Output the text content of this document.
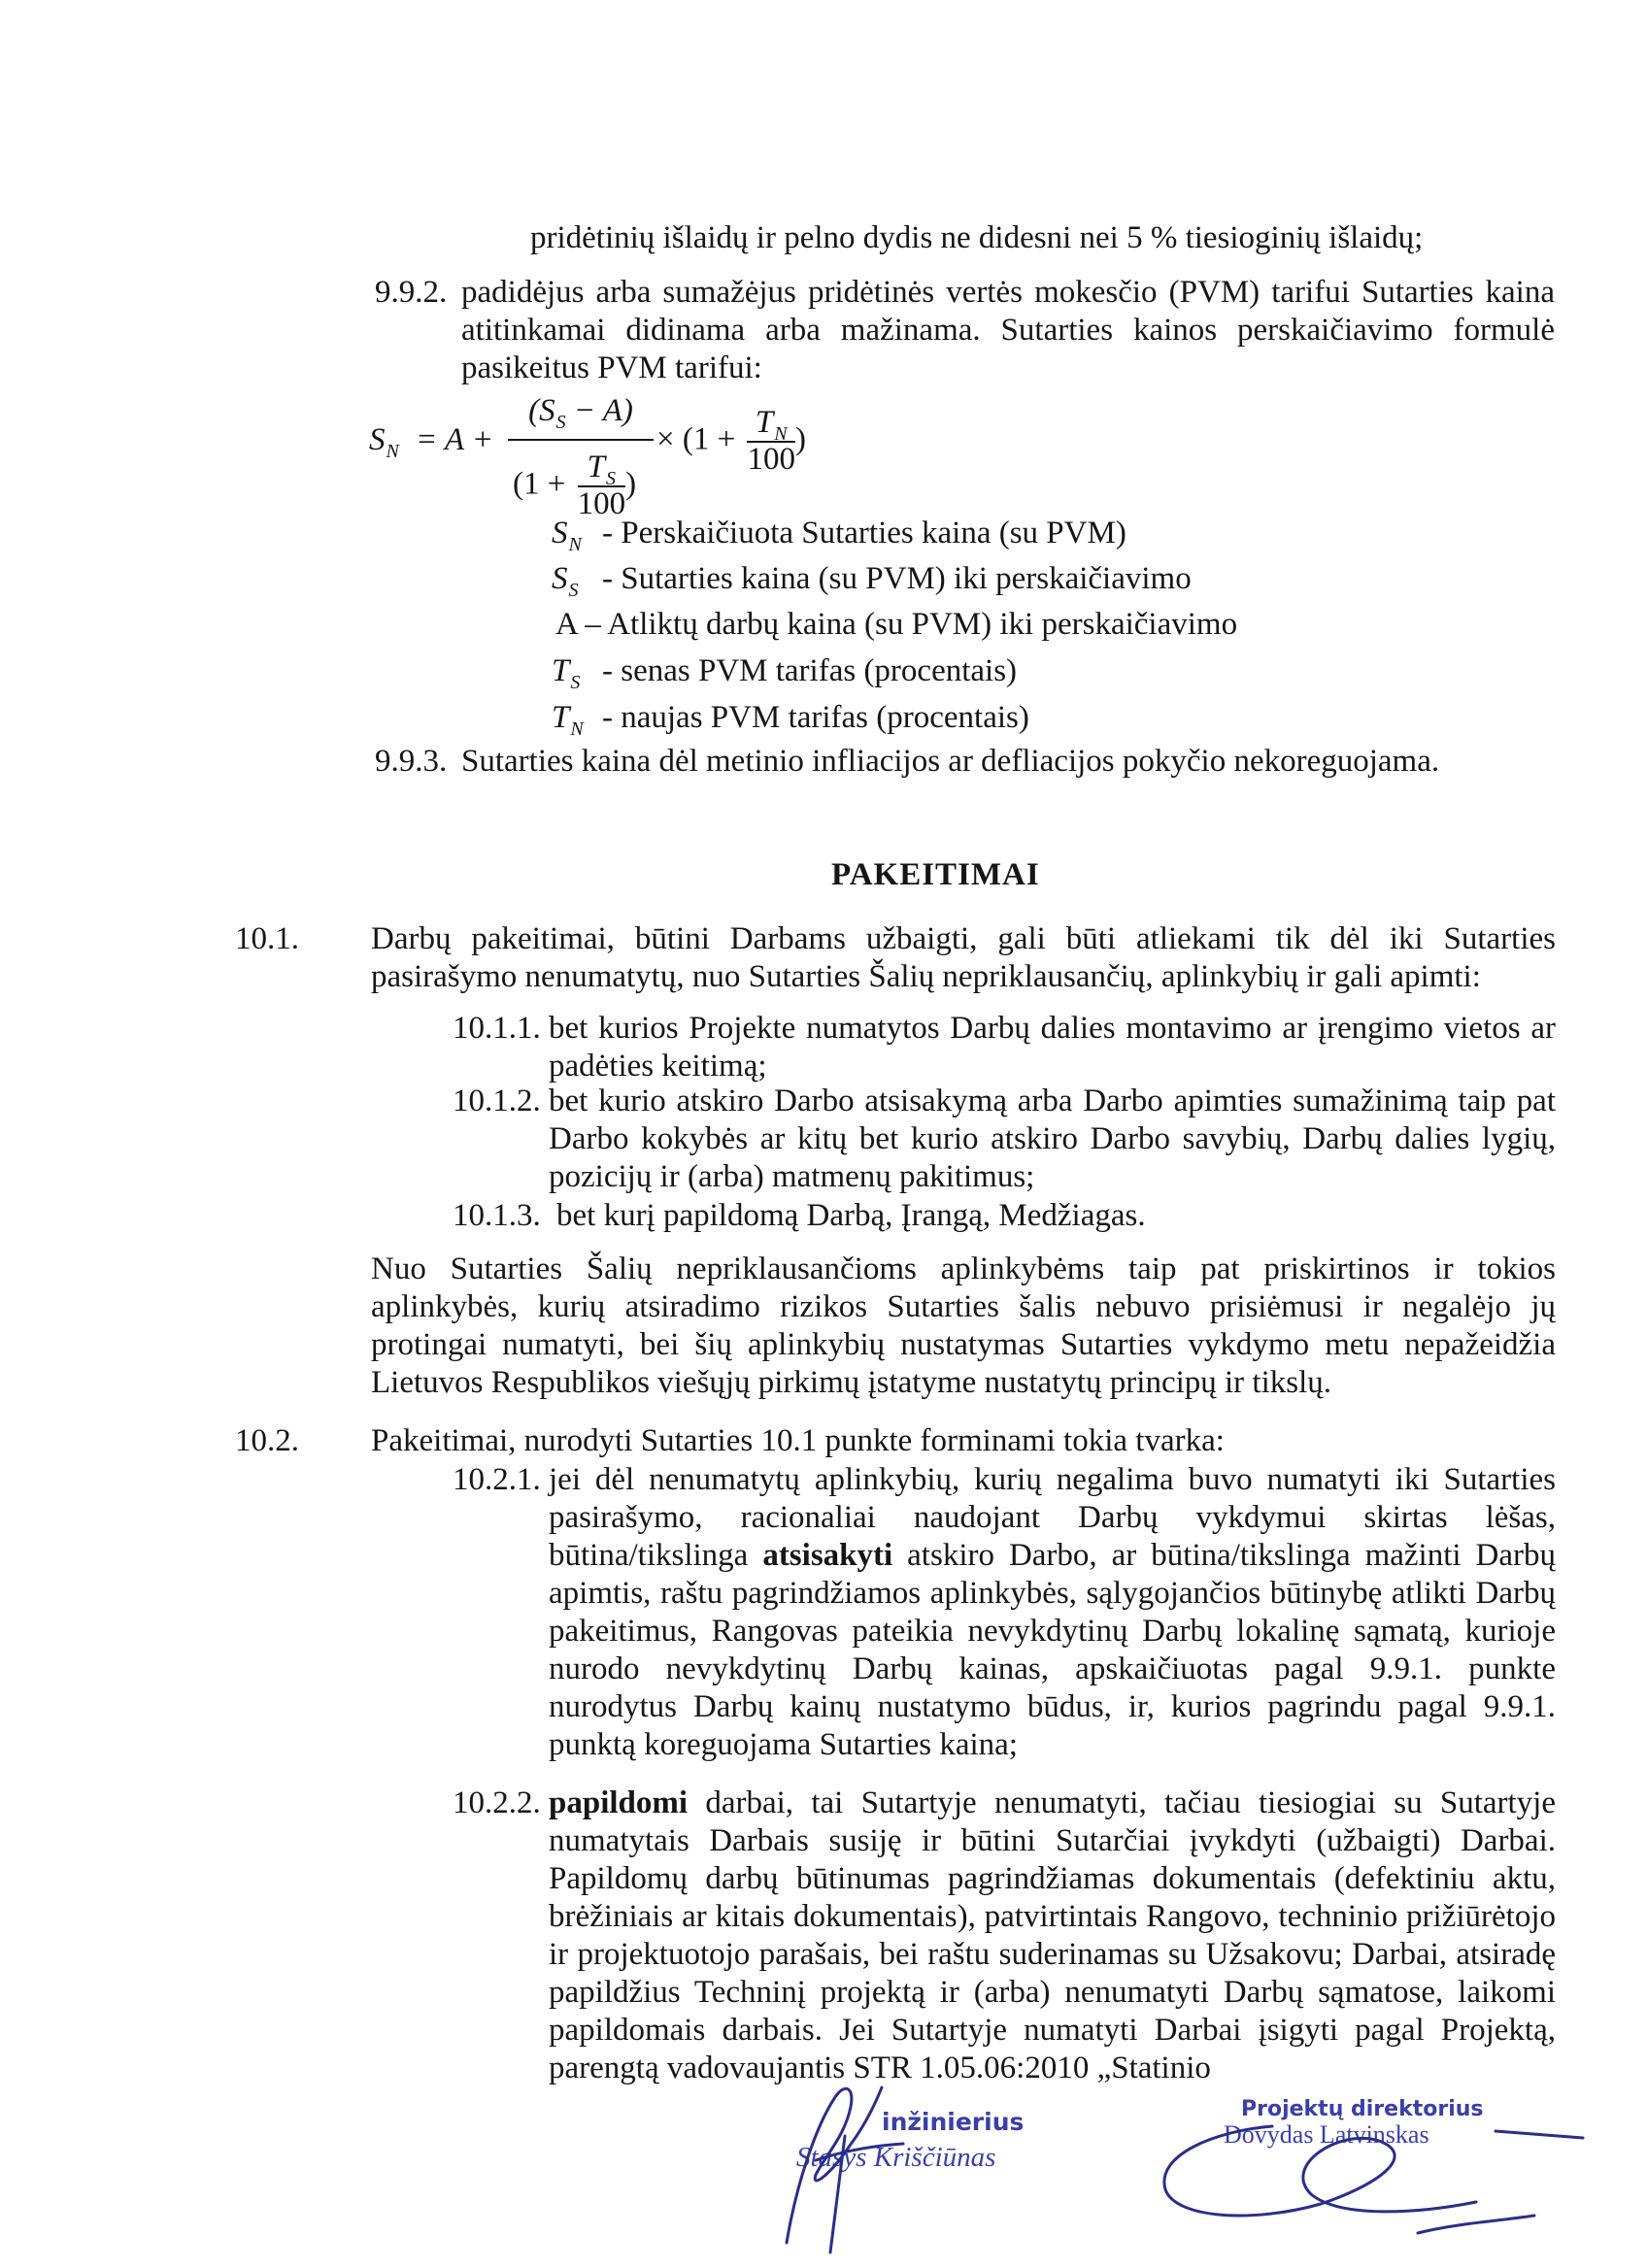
pridėtinių išlaidų ir pelno dydis ne didesni nei 5 % tiesioginių išlaidų;
9.9.2. padidėjus arba sumažėjus pridėtinės vertės mokesčio (PVM) tarifui Sutarties kaina atitinkamai didinama arba mažinama. Sutarties kainos perskaičiavimo formulė pasikeitus PVM tarifui:
$S_N = A$ +
$(S_S - A)$
($1 + \frac{T_S}{100}$ )
× ($1 + \frac{T_N}{100}$ )
$S_N$ - Perskaičiuota Sutarties kaina (su PVM)
$S_S$ - Sutarties kaina (su PVM) iki perskaičiavimo
A – Atliktų darbų kaina (su PVM) iki perskaičiavimo
$T_S$ - senas PVM tarifas (procentais)
$T_N$ - naujas PVM tarifas (procentais)
9.9.3. Sutarties kaina dėl metinio infliacijos ar defliacijos pokyčio nekoreguojama.
PAKEITIMAI
10.1. Darbų pakeitimai, būtini Darbams užbaigti, gali būti atliekami tik dėl iki Sutarties pasirašymo nenumatytų, nuo Sutarties Šalių nepriklausančių, aplinkybių ir gali apimti:
10.1.1. bet kurios Projekte numatytos Darbų dalies montavimo ar įrengimo vietos ar padėties keitimą;
10.1.2. bet kurio atskiro Darbo atsisakymą arba Darbo apimties sumažinimą taip pat Darbo kokybės ar kitų bet kurio atskiro Darbo savybių, Darbų dalies lygių, pozicijų ir (arba) matmenų pakitimus;
10.1.3. bet kurį papildomą Darbą, Įrangą, Medžiagas.
Nuo Sutarties Šalių nepriklausančioms aplinkybėms taip pat priskirtinos ir tokios aplinkybės, kurių atsiradimo rizikos Sutarties šalis nebuvo prisiėmusi ir negalėjo jų protingai numatyti, bei šių aplinkybių nustatymas Sutarties vykdymo metu nepažeidžia Lietuvos Respublikos viešųjų pirkimų įstatyme nustatytų principų ir tikslų.
10.2. Pakeitimai, nurodyti Sutarties 10.1 punkte forminami tokia tvarka:
10.2.1. jei dėl nenumatytų aplinkybių, kurių negalima buvo numatyti iki Sutarties pasirašymo, racionaliai naudojant Darbų vykdymui skirtas lėšas, būtina/tikslinga atsisakyti atskiro Darbo, ar būtina/tikslinga mažinti Darbų apimtis, raštu pagrindžiamos aplinkybės, sąlygojančios būtinybę atlikti Darbų pakeitimus, Rangovas pateikia nevykdytinų Darbų lokalinę sąmatą, kurioje nurodo nevykdytinų Darbų kainas, apskaičiuotas pagal 9.9.1. punkte nurodytus Darbų kainų nustatymo būdus, ir, kurios pagrindu pagal 9.9.1. punktą koreguojama Sutarties kaina;
10.2.2. papildomi darbai, tai Sutartyje nenumatyti, tačiau tiesiogiai su Sutartyje numatytais Darbais susiję ir būtini Sutarčiai įvykdyti (užbaigti) Darbai. Papildomų darbų būtinumas pagrindžiamas dokumentais (defektiniu aktu, brėžiniais ar kitais dokumentais), patvirtintais Rangovo, techninio prižiūrėtojo ir projektuotojo parašais, bei raštu suderinamas su Užsakovu; Darbai, atsiradę papildžius Techninį projektą ir (arba) nenumatyti Darbų sąmatose, laikomi papildomais darbais. Jei Sutartyje numatyti Darbai įsigyti pagal Projektą, parengtą vadovaujantis STR 1.05.06:2010 „Statinio
inžinierius
Stasys Kriščiūnas
Projektų direktorius
Dovydas Latvinskas
